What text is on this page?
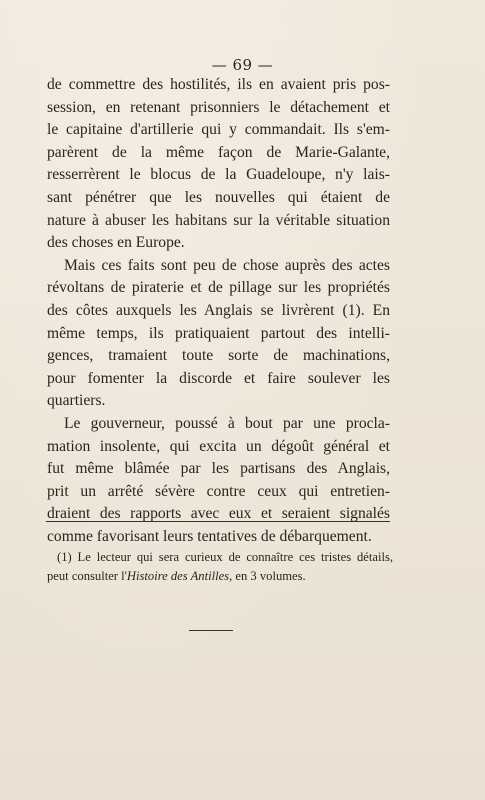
— 69 —
de commettre des hostilités, ils en avaient pris pos-
session, en retenant prisonniers le détachement et
le capitaine d'artillerie qui y commandait. Ils s'em-
parèrent de la même façon de Marie-Galante,
resserrèrent le blocus de la Guadeloupe, n'y lais-
sant pénétrer que les nouvelles qui étaient de
nature à abuser les habitans sur la véritable situation
des choses en Europe.
Mais ces faits sont peu de chose auprès des actes
révoltans de piraterie et de pillage sur les propriétés
des côtes auxquels les Anglais se livrèrent (1). En
même temps, ils pratiquaient partout des intelli-
gences, tramaient toute sorte de machinations,
pour fomenter la discorde et faire soulever les
quartiers.
Le gouverneur, poussé à bout par une procla-
mation insolente, qui excita un dégoût général et
fut même blâmée par les partisans des Anglais,
prit un arrêté sévère contre ceux qui entretien-
draient des rapports avec eux et seraient signalés
comme favorisant leurs tentatives de débarquement.
(1) Le lecteur qui sera curieux de connaître ces tristes détails,
peut consulter l'Histoire des Antilles, en 3 volumes.
